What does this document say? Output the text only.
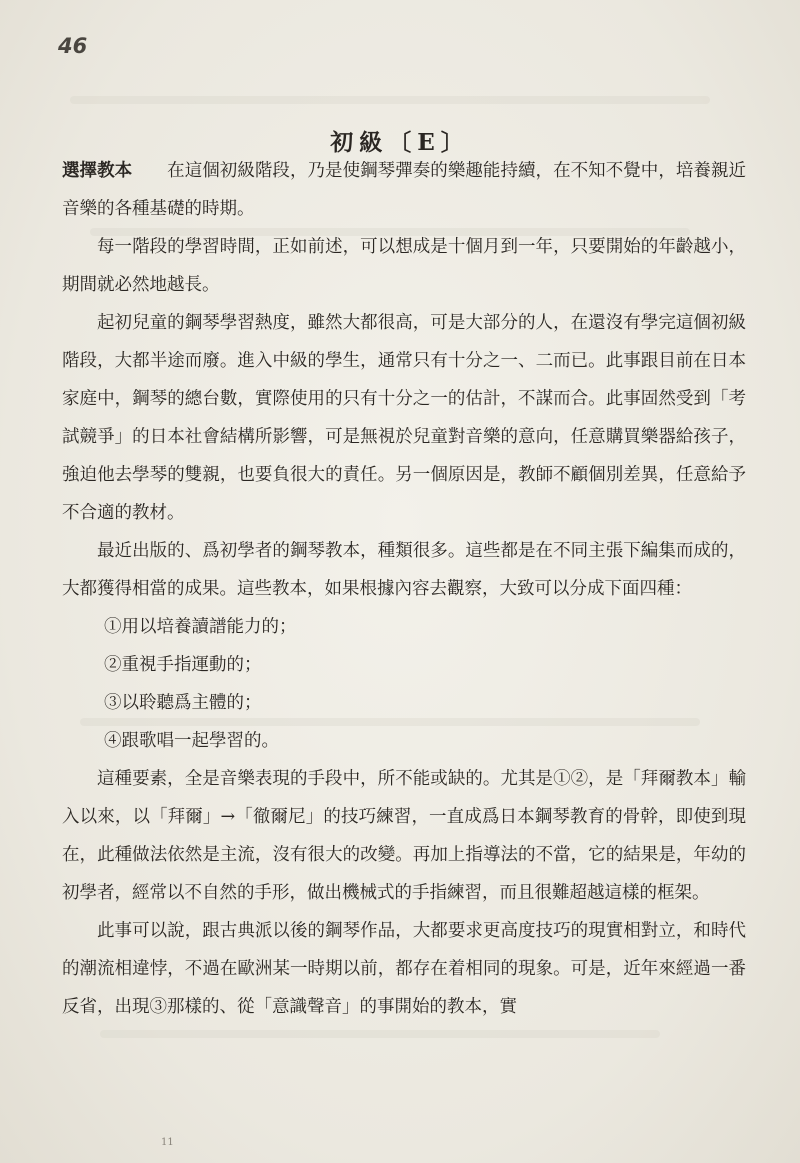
46
初級〔E〕

選擇教本 在這個初級階段，乃是使鋼琴彈奏的樂趣能持續，在不知不覺中，培養親近音樂的各種基礎的時期。

每一階段的學習時間，正如前述，可以想成是十個月到一年，只要開始的年齡越小，期間就必然地越長。

起初兒童的鋼琴學習熱度，雖然大都很高，可是大部分的人，在還沒有學完這個初級階段，大都半途而廢。進入中級的學生，通常只有十分之一、二而已。此事跟目前在日本家庭中，鋼琴的總台數，實際使用的只有十分之一的估計，不謀而合。此事固然受到「考試競爭」的日本社會結構所影響，可是無視於兒童對音樂的意向，任意購買樂器給孩子，強迫他去學琴的雙親，也要負很大的責任。另一個原因是，教師不顧個別差異，任意給予不合適的教材。

最近出版的、爲初學者的鋼琴教本，種類很多。這些都是在不同主張下編集而成的，大都獲得相當的成果。這些教本，如果根據內容去觀察，大致可以分成下面四種：

①用以培養讀譜能力的；

②重視手指運動的；

③以聆聽爲主體的；

④跟歌唱一起學習的。

這種要素，全是音樂表現的手段中，所不能或缺的。尤其是①②，是「拜爾教本」輸入以來，以「拜爾」→「徹爾尼」的技巧練習，一直成爲日本鋼琴教育的骨幹，即使到現在，此種做法依然是主流，沒有很大的改變。再加上指導法的不當，它的結果是，年幼的初學者，經常以不自然的手形，做出機械式的手指練習，而且很難超越這樣的框架。

此事可以說，跟古典派以後的鋼琴作品，大都要求更高度技巧的現實相對立，和時代的潮流相違悖，不過在歐洲某一時期以前，都存在着相同的現象。可是，近年來經過一番反省，出現③那樣的、從「意識聲音」的事開始的教本，實

11
